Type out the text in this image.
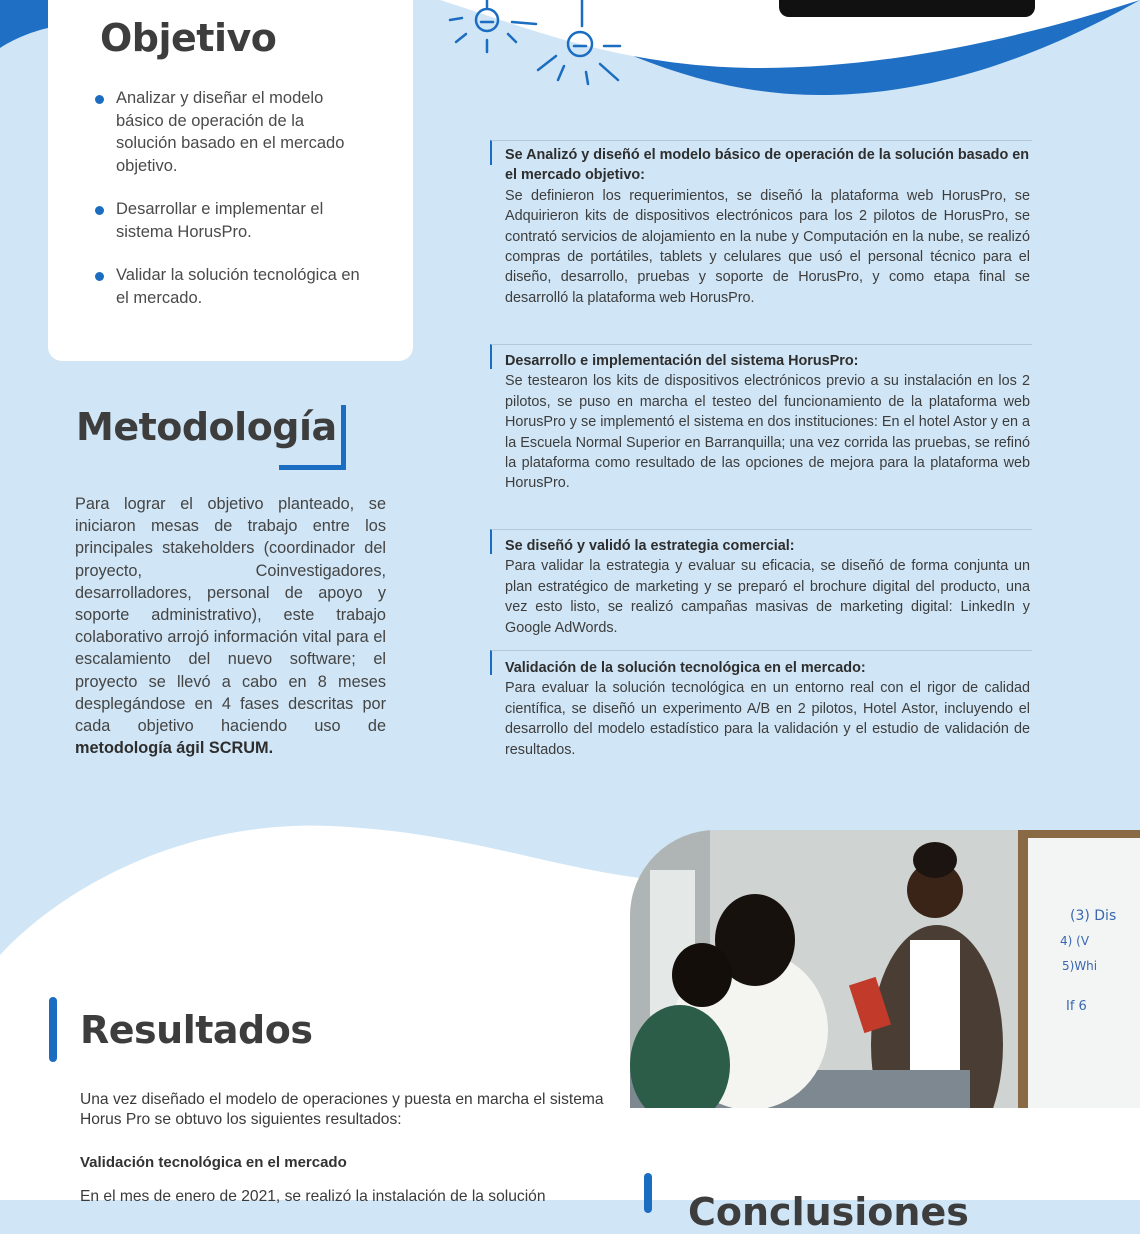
Objetivo
Analizar y diseñar el modelo básico de operación de la solución basado en el mercado objetivo.
Desarrollar e implementar el sistema HorusPro.
Validar la solución tecnológica en el mercado.
Metodología

Para lograr el objetivo planteado, se iniciaron mesas de trabajo entre los principales stakeholders (coordinador del proyecto, Coinvestigadores, desarrolladores, personal de apoyo y soporte administrativo), este trabajo colaborativo arrojó información vital para el escalamiento del nuevo software; el proyecto se llevó a cabo en 8 meses desplegándose en 4 fases descritas por cada objetivo haciendo uso de metodología ágil SCRUM.

Se Analizó y diseñó el modelo básico de operación de la solución basado en el mercado objetivo:

Se definieron los requerimientos, se diseñó la plataforma web HorusPro, se Adquirieron kits de dispositivos electrónicos para los 2 pilotos de HorusPro, se contrató servicios de alojamiento en la nube y Computación en la nube, se realizó compras de portátiles, tablets y celulares que usó el personal técnico para el diseño, desarrollo, pruebas y soporte de HorusPro, y como etapa final se desarrolló la plataforma web HorusPro.

Desarrollo e implementación del sistema HorusPro:

Se testearon los kits de dispositivos electrónicos previo a su instalación en los 2 pilotos, se puso en marcha el testeo del funcionamiento de la plataforma web HorusPro y se implementó el sistema en dos instituciones: En el hotel Astor y en a la Escuela Normal Superior en Barranquilla; una vez corrida las pruebas, se refinó la plataforma como resultado de las opciones de mejora para la plataforma web HorusPro.

Se diseñó y validó la estrategia comercial:

Para validar la estrategia y evaluar su eficacia, se diseñó de forma conjunta un plan estratégico de marketing y se preparó el brochure digital del producto, una vez esto listo, se realizó campañas masivas de marketing digital: LinkedIn y Google AdWords.

Validación de la solución tecnológica en el mercado:

Para evaluar la solución tecnológica en un entorno real con el rigor de calidad científica, se diseñó un experimento A/B en 2 pilotos, Hotel Astor, incluyendo el desarrollo del modelo estadístico para la validación y el estudio de validación de resultados.

(3) Dis
4) (V
5)Whi
If 6
Resultados

Una vez diseñado el modelo de operaciones y puesta en marcha el sistema Horus Pro se obtuvo los siguientes resultados:

Validación tecnológica en el mercado

En el mes de enero de 2021, se realizó la instalación de la solución	Conclusiones
